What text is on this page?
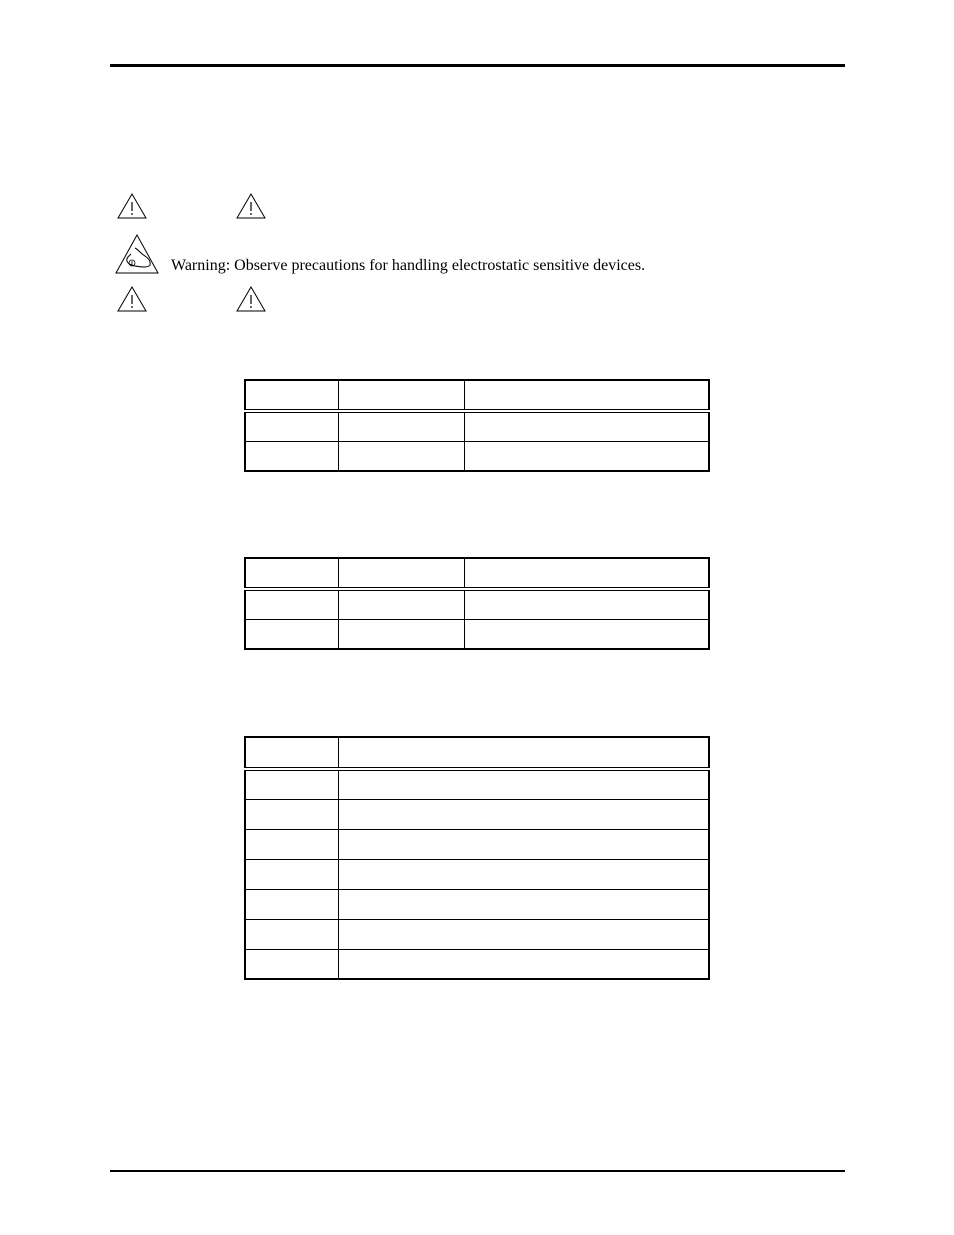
Warning: Observe precautions for handling electrostatic sensitive devices.
